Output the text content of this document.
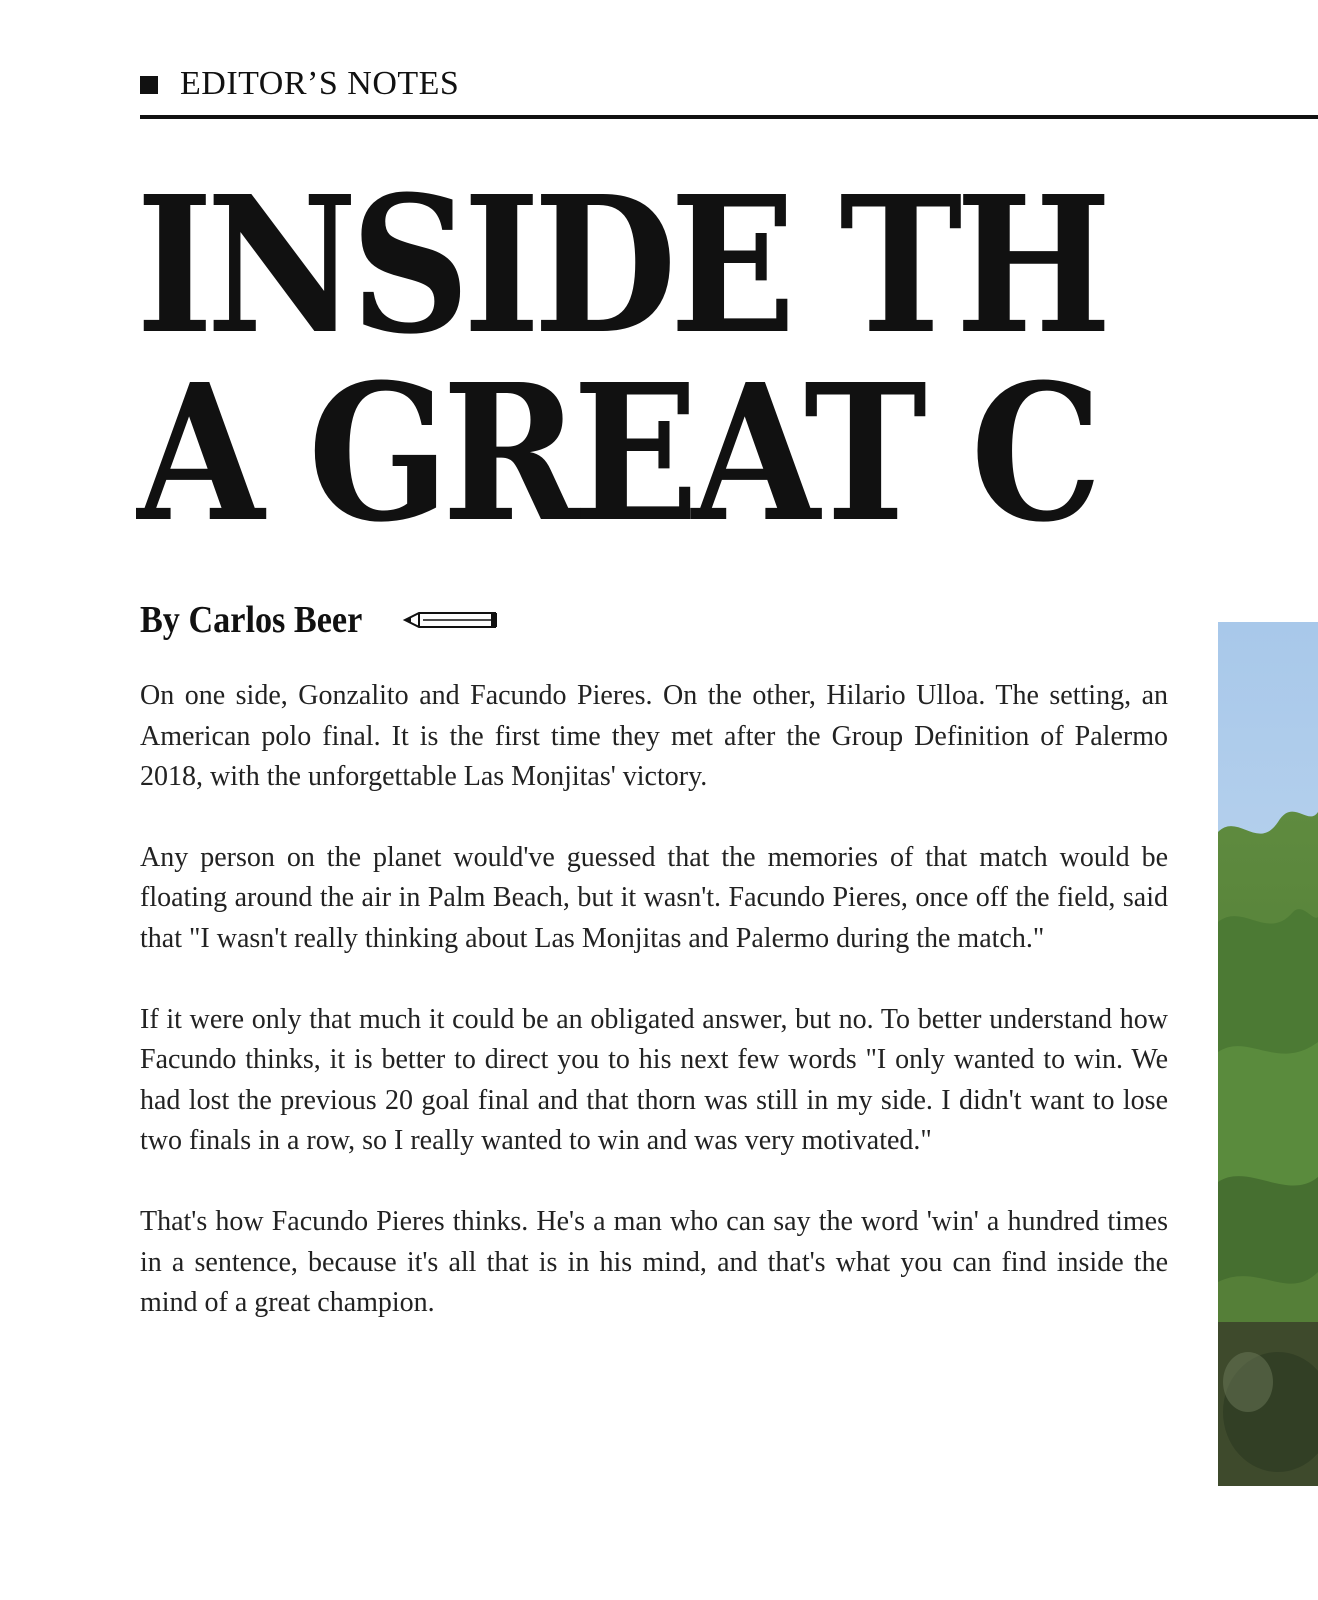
EDITOR’S NOTES
INSIDE TH
A GREAT C
By Carlos Beer

On one side, Gonzalito and Facundo Pieres. On the other, Hilario Ulloa. The setting, an American polo final. It is the first time they met after the Group Definition of Palermo 2018, with the unforgettable Las Monjitas' victory.

Any person on the planet would've guessed that the memories of that match would be floating around the air in Palm Beach, but it wasn't. Facundo Pieres, once off the field, said that "I wasn't really thinking about Las Monjitas and Palermo during the match."

If it were only that much it could be an obligated answer, but no. To better understand how Facundo thinks, it is better to direct you to his next few words "I only wanted to win. We had lost the previous 20 goal final and that thorn was still in my side. I didn't want to lose two finals in a row, so I really wanted to win and was very motivated."

That's how Facundo Pieres thinks. He's a man who can say the word 'win' a hundred times in a sentence, because it's all that is in his mind, and that's what you can find inside the mind of a great champion.
